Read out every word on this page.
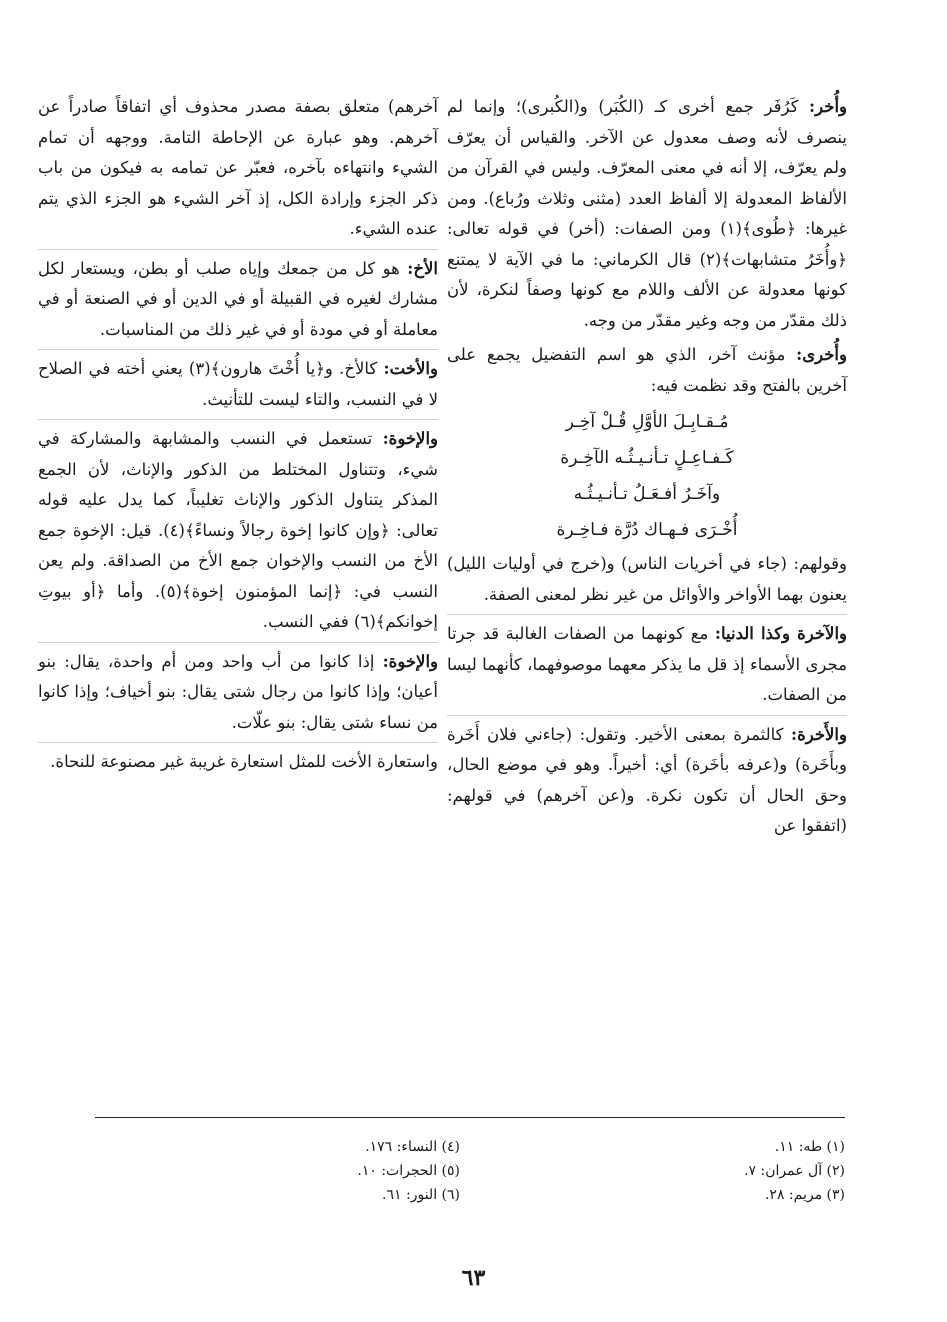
وأُخر: كَرُفَر جمع أخرى كـ (الكُبَر) و(الكُبرى)؛ وإنما لم ينصرف لأنه وصف معدول عن الآخر. والقياس أن يعرّف ولم يعرّف، إلا أنه في معنى المعرّف. وليس في القرآن من الألفاظ المعدولة إلا ألفاظ العدد (مثنى وثلاث ورُباع). ومن غيرها: ﴿طُوى﴾(١) ومن الصفات: (أخر) في قوله تعالى: ﴿وأُخَرُ متشابهات﴾(٢) قال الكرماني: ما في الآية لا يمتنع كونها معدولة عن الألف واللام مع كونها وصفاً لنكرة، لأن ذلك مقدّر من وجه وغير مقدّر من وجه.

وأُخرى: مؤنث آخر، الذي هو اسم التفضيل يجمع على آخرين بالفتح وقد نظمت فيه:

مُـقـابِـلَ الأوَّلِ قُـلْ آخِـر
كَـفـاعِـلٍ تـأنـيـثُـه الآخِـرة
وآخَـرُ أفـعَـلُ تـأنـيـثُـه
أُخْـرَى فـهـاك دُرَّة فـاخِـرة

وقولهم: (جاء في أخريات الناس) و(خرج في أوليات الليل) يعنون بهما الأواخر والأوائل من غير نظر لمعنى الصفة.

والآخرة وكذا الدنيا: مع كونهما من الصفات الغالبة قد جرتا مجرى الأسماء إذ قل ما يذكر معهما موصوفهما، كأنهما ليسا من الصفات.

والأَخرة: كالثمرة بمعنى الأخير. وتقول: (جاءني فلان أَخَرة وبأَخَرة) و(عرفه بأخَرة) أي: أخيراً. وهو في موضع الحال، وحق الحال أن تكون نكرة. و(عن آخرهم) في قولهم: (اتفقوا عن

آخرهم) متعلق بصفة مصدر محذوف أي اتفاقاً صادراً عن آخرهم. وهو عبارة عن الإحاطة التامة. ووجهه أن تمام الشيء وانتهاءه بآخره، فعبّر عن تمامه به فيكون من باب ذكر الجزء وإرادة الكل، إذ آخر الشيء هو الجزء الذي يتم عنده الشيء.

الأخ: هو كل من جمعك وإياه صلب أو بطن، ويستعار لكل مشارك لغيره في القبيلة أو في الدين أو في الصنعة أو في معاملة أو في مودة أو في غير ذلك من المناسبات.

والأخت: كالأخ. و﴿يا أُخْتَ هارون﴾(٣) يعني أخته في الصلاح لا في النسب، والتاء ليست للتأنيث.

والإخوة: تستعمل في النسب والمشابهة والمشاركة في شيء، وتتناول المختلط من الذكور والإناث، لأن الجمع المذكر يتناول الذكور والإناث تغليباً، كما يدل عليه قوله تعالى: ﴿وإن كانوا إخوة رجالاً ونساءً﴾(٤). قيل: الإخوة جمع الأخ من النسب والإخوان جمع الأخ من الصداقة. ولم يعن النسب في: ﴿إنما المؤمنون إخوة﴾(٥). وأما ﴿أو بيوتِ إخوانكم﴾(٦) ففي النسب.

والإخوة: إذا كانوا من أب واحد ومن أم واحدة، يقال: بنو أعيان؛ وإذا كانوا من رجال شتى يقال: بنو أخياف؛ وإذا كانوا من نساء شتى يقال: بنو علّات.

واستعارة الأخت للمثل استعارة غريبة غير مصنوعة للنحاة.

(١) طه: ١١.
(٢) آل عمران: ٧.
(٣) مريم: ٢٨.
(٤) النساء: ١٧٦.
(٥) الحجرات: ١٠.
(٦) النور: ٦١.
٦٣
